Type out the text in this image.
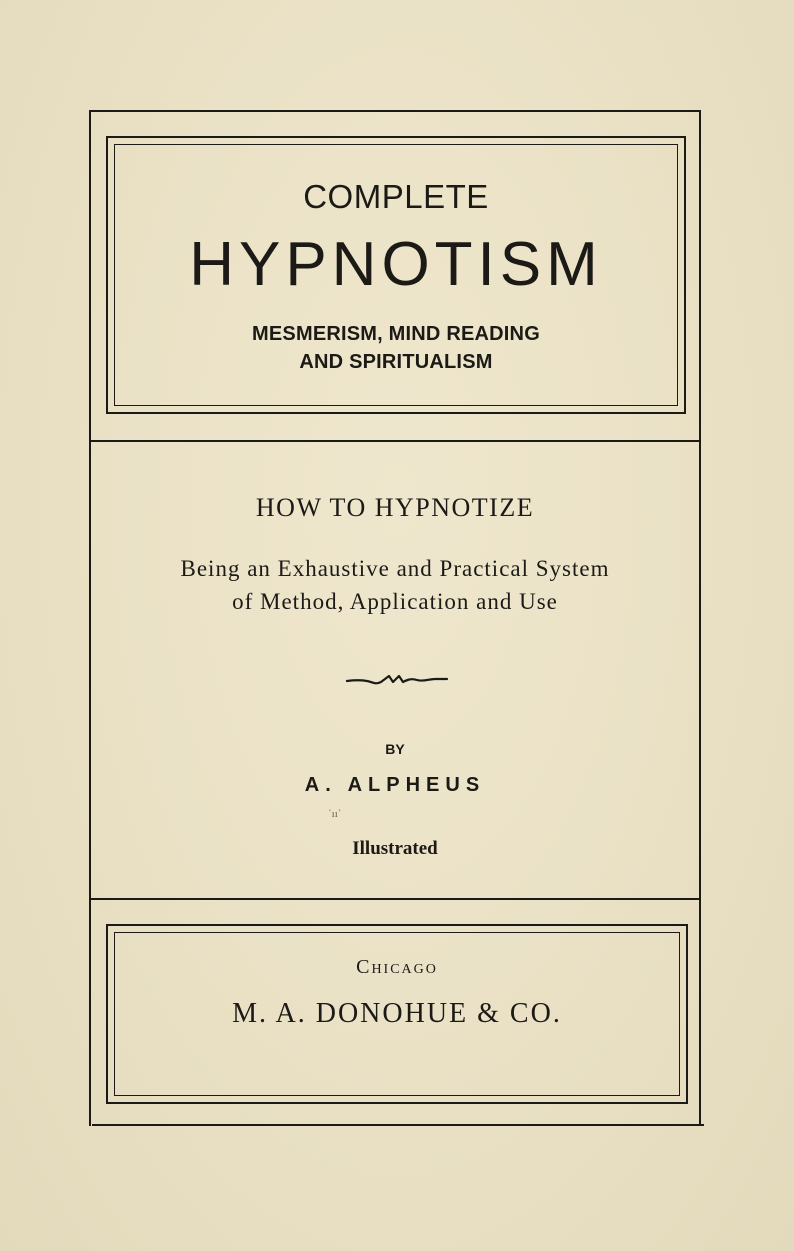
COMPLETE
HYPNOTISM
MESMERISM, MIND READING
AND SPIRITUALISM
HOW TO HYPNOTIZE
Being an Exhaustive and Practical System
of Method, Application and Use
BY
A. ALPHEUS
᾽ıı᾽
Illustrated
Chicago
M. A. DONOHUE & CO.
